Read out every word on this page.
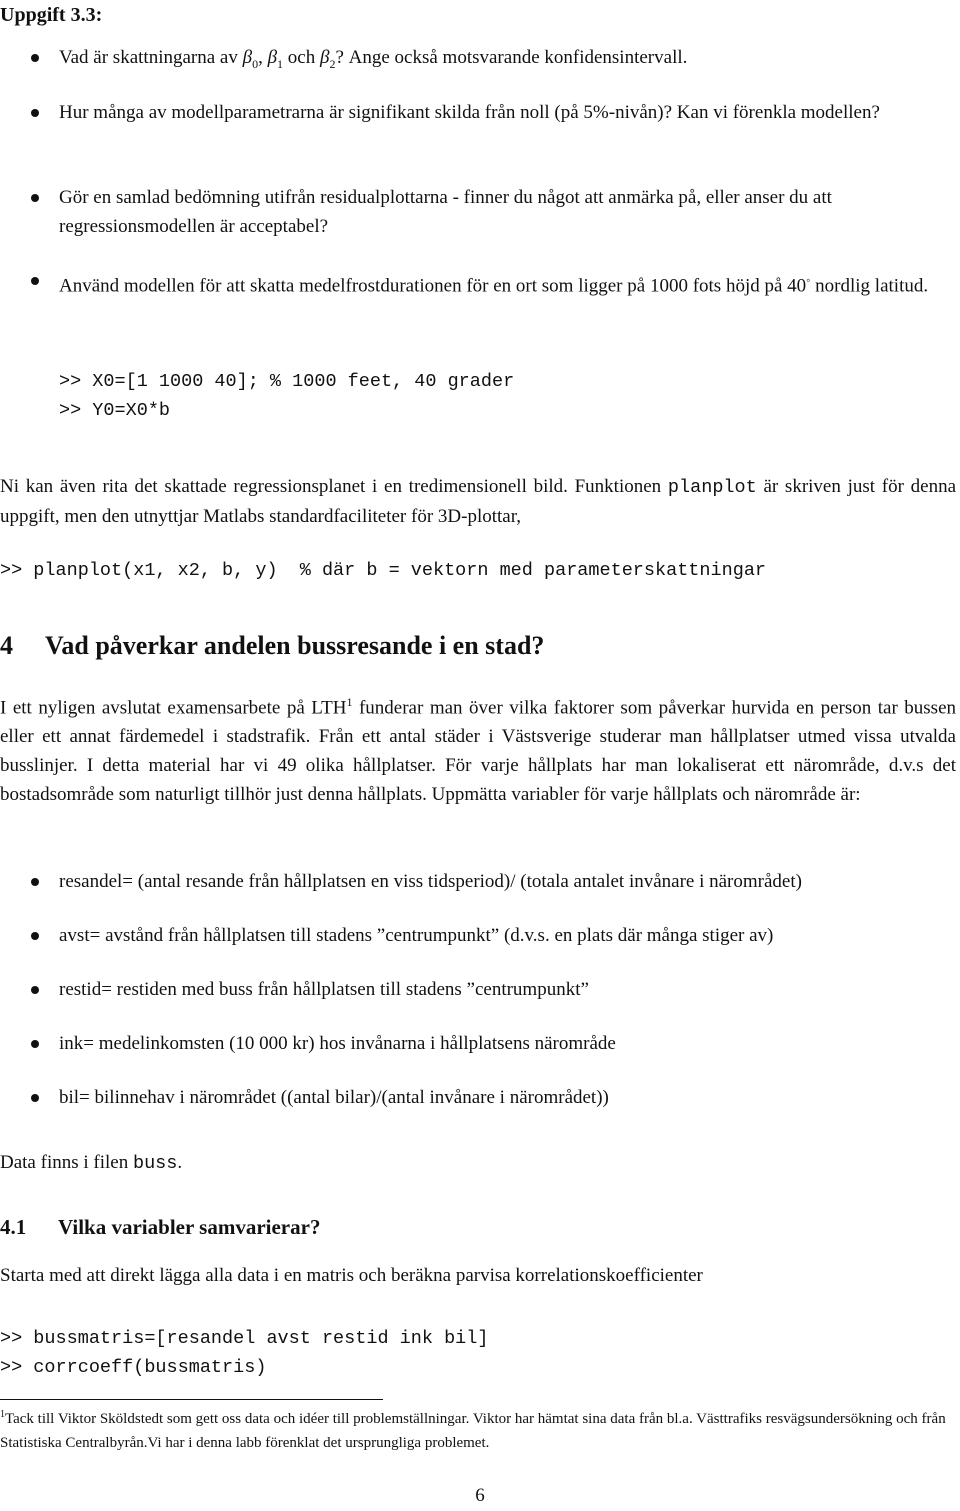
Uppgift 3.3:
Vad är skattningarna av $\beta_0$, $\beta_1$ och $\beta_2$? Ange också motsvarande konfidensintervall.
Hur många av modellparametrarna är signifikant skilda från noll (på 5%-nivån)? Kan vi förenkla modellen?
Gör en samlad bedömning utifrån residualplottarna - finner du något att anmärka på, eller anser du att regressionsmodellen är acceptabel?
Använd modellen för att skatta medelfrostdurationen för en ort som ligger på 1000 fots höjd på 40◦ nordlig latitud.
>> X0=[1 1000 40]; % 1000 feet, 40 grader
>> Y0=X0*b
Ni kan även rita det skattade regressionsplanet i en tredimensionell bild. Funktionen planplot är skriven just för denna uppgift, men den utnyttjar Matlabs standardfaciliteter för 3D-plottar,
>> planplot(x1, x2, b, y)  % där b = vektorn med parameterskattningar
4 Vad påverkar andelen bussresande i en stad?
I ett nyligen avslutat examensarbete på LTH$^1$ funderar man över vilka faktorer som påverkar hurvida en person tar bussen eller ett annat färdemedel i stadstrafik. Från ett antal städer i Västsverige studerar man hållplatser utmed vissa utvalda busslinjer. I detta material har vi 49 olika hållplatser. För varje hållplats har man lokaliserat ett närområde, d.v.s det bostadsområde som naturligt tillhör just denna hållplats. Uppmätta variabler för varje hållplats och närområde är:
resandel= (antal resande från hållplatsen en viss tidsperiod)/ (totala antalet invånare i närområdet)
avst= avstånd från hållplatsen till stadens ”centrumpunkt” (d.v.s. en plats där många stiger av)
restid= restiden med buss från hållplatsen till stadens ”centrumpunkt”
ink= medelinkomsten (10 000 kr) hos invånarna i hållplatsens närområde
bil= bilinnehav i närområdet ((antal bilar)/(antal invånare i närområdet))
Data finns i filen buss.
4.1 Vilka variabler samvarierar?
Starta med att direkt lägga alla data i en matris och beräkna parvisa korrelationskoefficienter
>> bussmatris=[resandel avst restid ink bil]
>> corrcoeff(bussmatris)
$^1$Tack till Viktor Sköldstedt som gett oss data och idéer till problemställningar. Viktor har hämtat sina data från bl.a. Västtrafiks resvägsundersökning och från Statistiska Centralbyrån.Vi har i denna labb förenklat det ursprungliga problemet.
6
